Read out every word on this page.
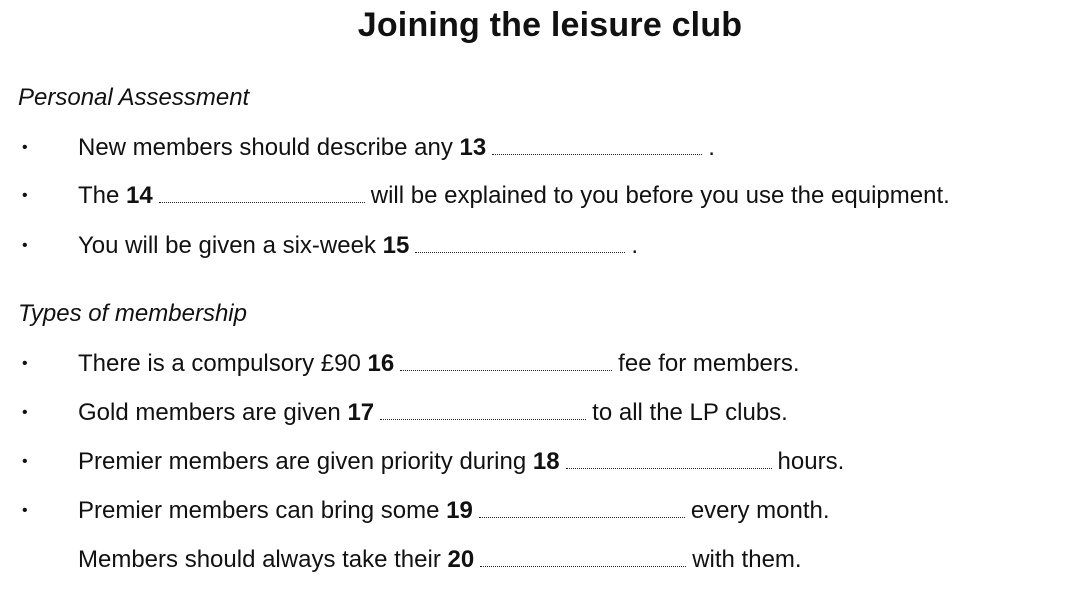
Joining the leisure club
Personal Assessment
• New members should describe any 13	.
• The 14	will be explained to you before you use the equipment.
• You will be given a six-week 15	.
Types of membership
• There is a compulsory £90 16	fee for members.
• Gold members are given 17	to all the LP clubs.
• Premier members are given priority during 18	hours.
• Premier members can bring some 19	every month.
Members should always take their 20	with them.
